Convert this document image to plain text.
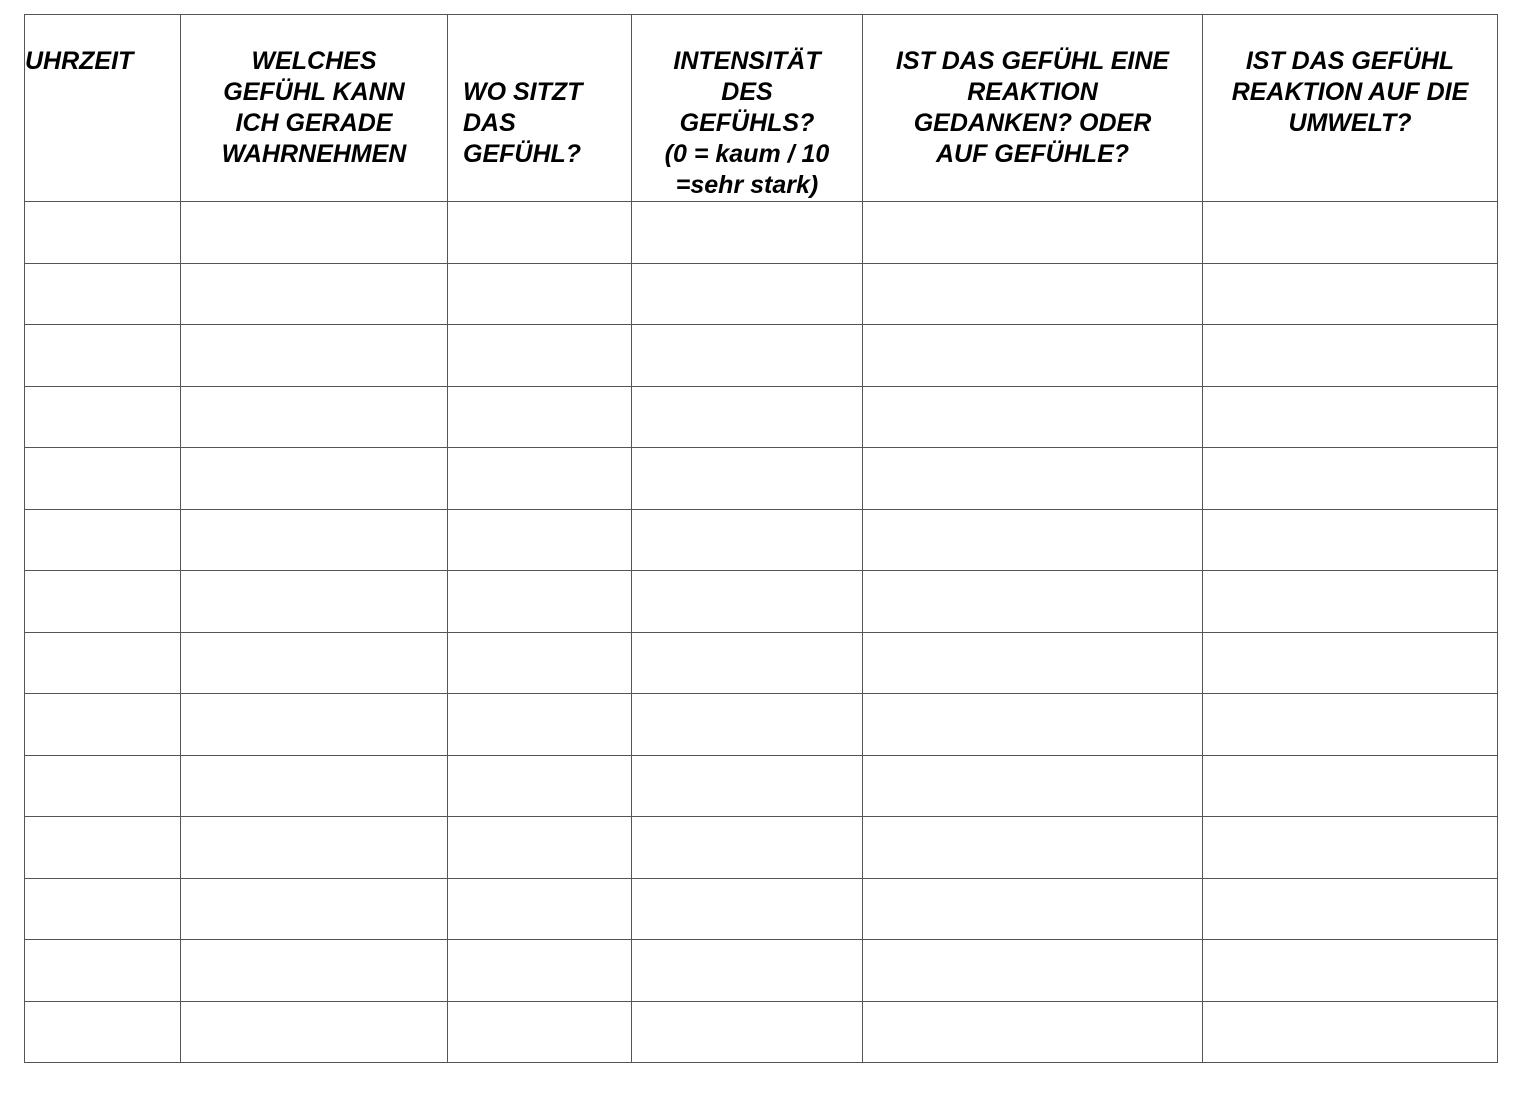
UHRZEIT	WELCHES
GEFÜHL KANN
ICH GERADE
WAHRNEHMEN	WO SITZT
DAS
GEFÜHL?	INTENSITÄT
DES
GEFÜHLS?
(0 = kaum / 10
=sehr stark)	IST DAS GEFÜHL EINE
REAKTION
GEDANKEN? ODER
AUF GEFÜHLE?	IST DAS GEFÜHL
REAKTION AUF DIE
UMWELT?
